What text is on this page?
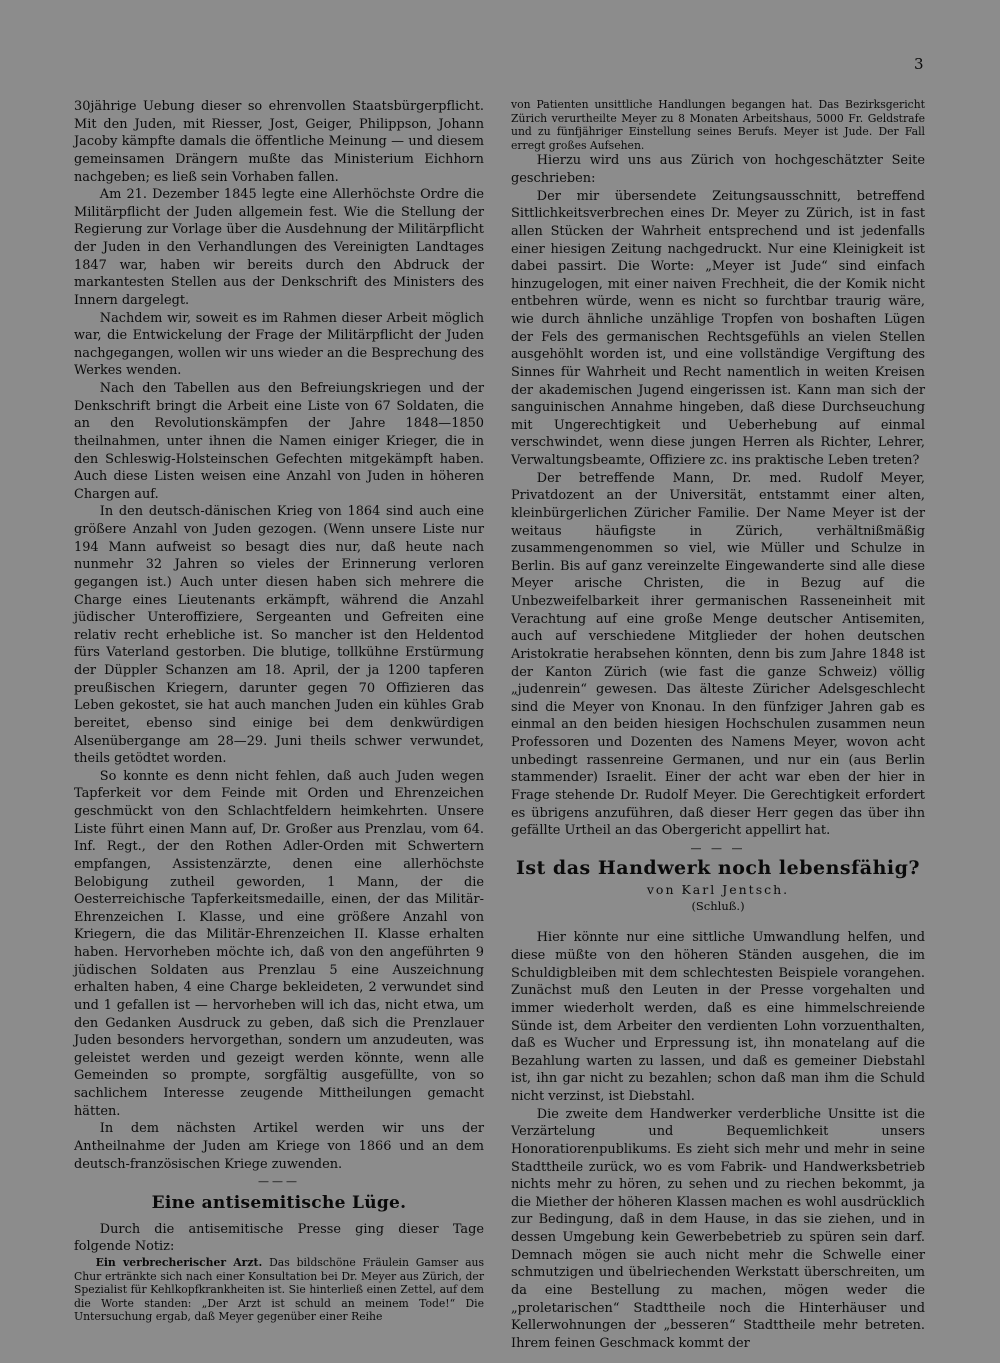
3

30jährige Uebung dieser so ehrenvollen Staatsbürgerpflicht. Mit den Juden, mit Riesser, Jost, Geiger, Philippson, Johann Jacoby kämpfte damals die öffentliche Meinung — und diesem gemeinsamen Drängern mußte das Ministerium Eichhorn nachgeben; es ließ sein Vorhaben fallen.

Am 21. Dezember 1845 legte eine Allerhöchste Ordre die Militärpflicht der Juden allgemein fest. Wie die Stellung der Regierung zur Vorlage über die Ausdehnung der Militärpflicht der Juden in den Verhandlungen des Vereinigten Landtages 1847 war, haben wir bereits durch den Abdruck der markantesten Stellen aus der Denkschrift des Ministers des Innern dargelegt.

Nachdem wir, soweit es im Rahmen dieser Arbeit möglich war, die Entwickelung der Frage der Militärpflicht der Juden nachgegangen, wollen wir uns wieder an die Besprechung des Werkes wenden.

Nach den Tabellen aus den Befreiungskriegen und der Denkschrift bringt die Arbeit eine Liste von 67 Soldaten, die an den Revolutionskämpfen der Jahre 1848—1850 theilnahmen, unter ihnen die Namen einiger Krieger, die in den Schleswig-Holsteinschen Gefechten mitgekämpft haben. Auch diese Listen weisen eine Anzahl von Juden in höheren Chargen auf.

In den deutsch-dänischen Krieg von 1864 sind auch eine größere Anzahl von Juden gezogen. (Wenn unsere Liste nur 194 Mann aufweist so besagt dies nur, daß heute nach nunmehr 32 Jahren so vieles der Erinnerung verloren gegangen ist.) Auch unter diesen haben sich mehrere die Charge eines Lieutenants erkämpft, während die Anzahl jüdischer Unteroffiziere, Sergeanten und Gefreiten eine relativ recht erhebliche ist. So mancher ist den Heldentod fürs Vaterland gestorben. Die blutige, tollkühne Erstürmung der Düppler Schanzen am 18. April, der ja 1200 tapferen preußischen Kriegern, darunter gegen 70 Offizieren das Leben gekostet, sie hat auch manchen Juden ein kühles Grab bereitet, ebenso sind einige bei dem denkwürdigen Alsenübergange am 28—29. Juni theils schwer verwundet, theils getödtet worden.

So konnte es denn nicht fehlen, daß auch Juden wegen Tapferkeit vor dem Feinde mit Orden und Ehrenzeichen geschmückt von den Schlachtfeldern heimkehrten. Unsere Liste führt einen Mann auf, Dr. Großer aus Prenzlau, vom 64. Inf. Regt., der den Rothen Adler-Orden mit Schwertern empfangen, Assistenzärzte, denen eine allerhöchste Belobigung zutheil geworden, 1 Mann, der die Oesterreichische Tapferkeitsmedaille, einen, der das Militär-Ehrenzeichen I. Klasse, und eine größere Anzahl von Kriegern, die das Militär-Ehrenzeichen II. Klasse erhalten haben. Hervorheben möchte ich, daß von den angeführten 9 jüdischen Soldaten aus Prenzlau 5 eine Auszeichnung erhalten haben, 4 eine Charge bekleideten, 2 verwundet sind und 1 gefallen ist — hervorheben will ich das, nicht etwa, um den Gedanken Ausdruck zu geben, daß sich die Prenzlauer Juden besonders hervorgethan, sondern um anzudeuten, was geleistet werden und gezeigt werden könnte, wenn alle Gemeinden so prompte, sorgfältig ausgefüllte, von so sachlichem Interesse zeugende Mittheilungen gemacht hätten.

In dem nächsten Artikel werden wir uns der Antheilnahme der Juden am Kriege von 1866 und an dem deutsch-französischen Kriege zuwenden.

———
Eine antisemitische Lüge.

Durch die antisemitische Presse ging dieser Tage folgende Notiz:

Ein verbrecherischer Arzt. Das bildschöne Fräulein Gamser aus Chur ertränkte sich nach einer Konsultation bei Dr. Meyer aus Zürich, der Spezialist für Kehlkopfkrankheiten ist. Sie hinterließ einen Zettel, auf dem die Worte standen: „Der Arzt ist schuld an meinem Tode!“ Die Untersuchung ergab, daß Meyer gegenüber einer Reihe

von Patienten unsittliche Handlungen begangen hat. Das Bezirksgericht Zürich verurtheilte Meyer zu 8 Monaten Arbeitshaus, 5000 Fr. Geldstrafe und zu fünfjähriger Einstellung seines Berufs. Meyer ist Jude. Der Fall erregt großes Aufsehen.

Hierzu wird uns aus Zürich von hochgeschätzter Seite geschrieben:

Der mir übersendete Zeitungsausschnitt, betreffend Sittlichkeitsverbrechen eines Dr. Meyer zu Zürich, ist in fast allen Stücken der Wahrheit entsprechend und ist jedenfalls einer hiesigen Zeitung nachgedruckt. Nur eine Kleinigkeit ist dabei passirt. Die Worte: „Meyer ist Jude“ sind einfach hinzugelogen, mit einer naiven Frechheit, die der Komik nicht entbehren würde, wenn es nicht so furchtbar traurig wäre, wie durch ähnliche unzählige Tropfen von boshaften Lügen der Fels des germanischen Rechtsgefühls an vielen Stellen ausgehöhlt worden ist, und eine vollständige Vergiftung des Sinnes für Wahrheit und Recht namentlich in weiten Kreisen der akademischen Jugend eingerissen ist. Kann man sich der sanguinischen Annahme hingeben, daß diese Durchseuchung mit Ungerechtigkeit und Ueberhebung auf einmal verschwindet, wenn diese jungen Herren als Richter, Lehrer, Verwaltungsbeamte, Offiziere zc. ins praktische Leben treten?

Der betreffende Mann, Dr. med. Rudolf Meyer, Privatdozent an der Universität, entstammt einer alten, kleinbürgerlichen Züricher Familie. Der Name Meyer ist der weitaus häufigste in Zürich, verhältnißmäßig zusammengenommen so viel, wie Müller und Schulze in Berlin. Bis auf ganz vereinzelte Eingewanderte sind alle diese Meyer arische Christen, die in Bezug auf die Unbezweifelbarkeit ihrer germanischen Rasseneinheit mit Verachtung auf eine große Menge deutscher Antisemiten, auch auf verschiedene Mitglieder der hohen deutschen Aristokratie herabsehen könnten, denn bis zum Jahre 1848 ist der Kanton Zürich (wie fast die ganze Schweiz) völlig „judenrein“ gewesen. Das älteste Züricher Adelsgeschlecht sind die Meyer von Knonau. In den fünfziger Jahren gab es einmal an den beiden hiesigen Hochschulen zusammen neun Professoren und Dozenten des Namens Meyer, wovon acht unbedingt rassenreine Germanen, und nur ein (aus Berlin stammender) Israelit. Einer der acht war eben der hier in Frage stehende Dr. Rudolf Meyer. Die Gerechtigkeit erfordert es übrigens anzuführen, daß dieser Herr gegen das über ihn gefällte Urtheil an das Obergericht appellirt hat.

— — —
Ist das Handwerk noch lebensfähig?

von Karl Jentsch.

(Schluß.)

Hier könnte nur eine sittliche Umwandlung helfen, und diese müßte von den höheren Ständen ausgehen, die im Schuldigbleiben mit dem schlechtesten Beispiele vorangehen. Zunächst muß den Leuten in der Presse vorgehalten und immer wiederholt werden, daß es eine himmelschreiende Sünde ist, dem Arbeiter den verdienten Lohn vorzuenthalten, daß es Wucher und Erpressung ist, ihn monatelang auf die Bezahlung warten zu lassen, und daß es gemeiner Diebstahl ist, ihn gar nicht zu bezahlen; schon daß man ihm die Schuld nicht verzinst, ist Diebstahl.

Die zweite dem Handwerker verderbliche Unsitte ist die Verzärtelung und Bequemlichkeit unsers Honoratiorenpublikums. Es zieht sich mehr und mehr in seine Stadttheile zurück, wo es vom Fabrik- und Handwerksbetrieb nichts mehr zu hören, zu sehen und zu riechen bekommt, ja die Miether der höheren Klassen machen es wohl ausdrücklich zur Bedingung, daß in dem Hause, in das sie ziehen, und in dessen Umgebung kein Gewerbebetrieb zu spüren sein darf. Demnach mögen sie auch nicht mehr die Schwelle einer schmutzigen und übelriechenden Werkstatt überschreiten, um da eine Bestellung zu machen, mögen weder die „proletarischen“ Stadttheile noch die Hinterhäuser und Kellerwohnungen der „besseren“ Stadttheile mehr betreten. Ihrem feinen Geschmack kommt der
